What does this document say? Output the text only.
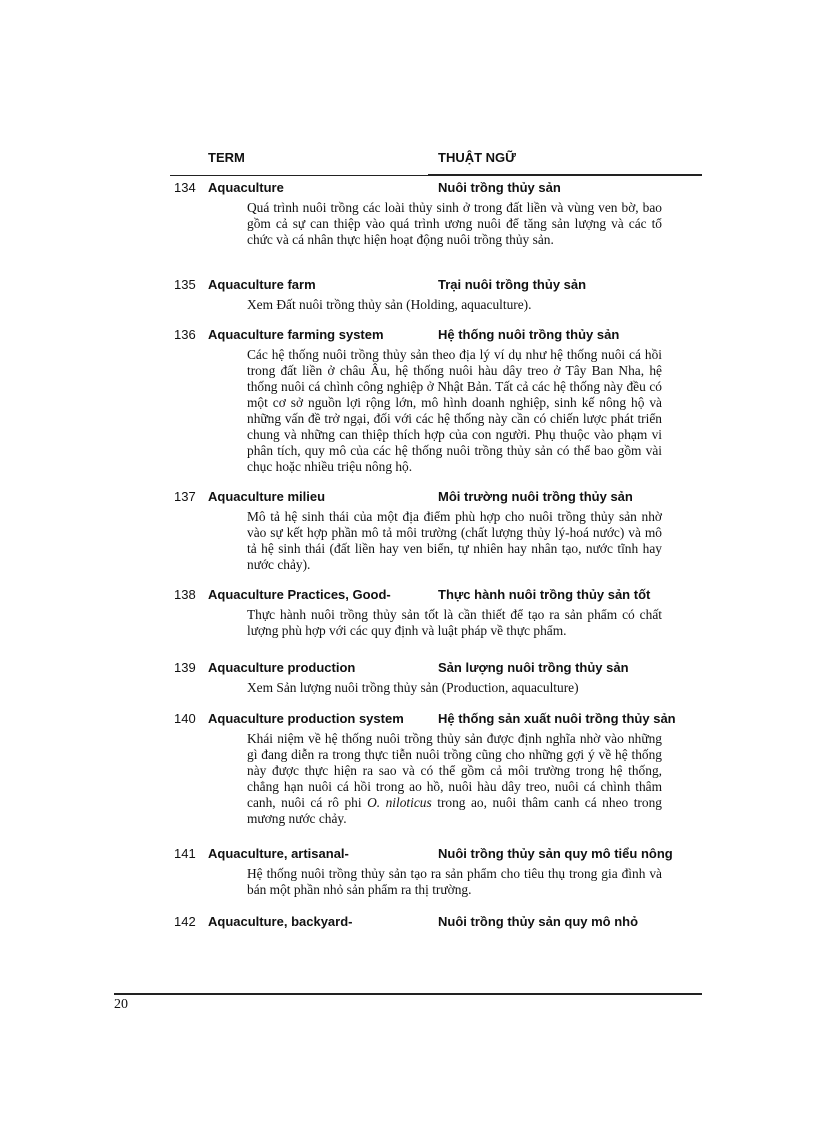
TERM	THUẬT NGỮ
134 Aquaculture	Nuôi trồng thủy sản
Quá trình nuôi trồng các loài thủy sinh ở trong đất liền và vùng ven bờ, bao gồm cả sự can thiệp vào quá trình ương nuôi để tăng sản lượng và các tổ chức và cá nhân thực hiện hoạt động nuôi trồng thủy sản.
135 Aquaculture farm	Trại nuôi trồng thủy sản
Xem Đất nuôi trồng thủy sản (Holding, aquaculture).
136 Aquaculture farming system	Hệ thống nuôi trồng thủy sản
Các hệ thống nuôi trồng thủy sản theo địa lý ví dụ như hệ thống nuôi cá hồi trong đất liền ở châu Âu, hệ thống nuôi hàu dây treo ở Tây Ban Nha, hệ thống nuôi cá chình công nghiệp ở Nhật Bản. Tất cả các hệ thống này đều có một cơ sở nguồn lợi rộng lớn, mô hình doanh nghiệp, sinh kế nông hộ và những vấn đề trở ngại, đối với các hệ thống này cần có chiến lược phát triển chung và những can thiệp thích hợp của con người. Phụ thuộc vào phạm vi phân tích, quy mô của các hệ thống nuôi trồng thủy sản có thể bao gồm vài chục hoặc nhiều triệu nông hộ.
137 Aquaculture milieu	Môi trường nuôi trồng thủy sản
Mô tả hệ sinh thái của một địa điểm phù hợp cho nuôi trồng thủy sản nhờ vào sự kết hợp phần mô tả môi trường (chất lượng thủy lý-hoá nước) và mô tả hệ sinh thái (đất liền hay ven biển, tự nhiên hay nhân tạo, nước tĩnh hay nước chảy).
138 Aquaculture Practices, Good-	Thực hành nuôi trồng thủy sản tốt
Thực hành nuôi trồng thủy sản tốt là cần thiết để tạo ra sản phẩm có chất lượng phù hợp với các quy định và luật pháp về thực phẩm.
139 Aquaculture production	Sản lượng nuôi trồng thủy sản
Xem Sản lượng nuôi trồng thủy sản (Production, aquaculture)
140 Aquaculture production system	Hệ thống sản xuất nuôi trồng thủy sản
Khái niệm về hệ thống nuôi trồng thủy sản được định nghĩa nhờ vào những gì đang diễn ra trong thực tiễn nuôi trồng cũng cho những gợi ý về hệ thống này được thực hiện ra sao và có thể gồm cả môi trường trong hệ thống, chẳng hạn nuôi cá hồi trong ao hồ, nuôi hàu dây treo, nuôi cá chình thâm canh, nuôi cá rô phi O. niloticus trong ao, nuôi thâm canh cá nheo trong mương nước chảy.
141 Aquaculture, artisanal-	Nuôi trồng thủy sản quy mô tiểu nông
Hệ thống nuôi trồng thủy sản tạo ra sản phẩm cho tiêu thụ trong gia đình và bán một phần nhỏ sản phẩm ra thị trường.
142 Aquaculture, backyard-	Nuôi trồng thủy sản quy mô nhỏ
20
